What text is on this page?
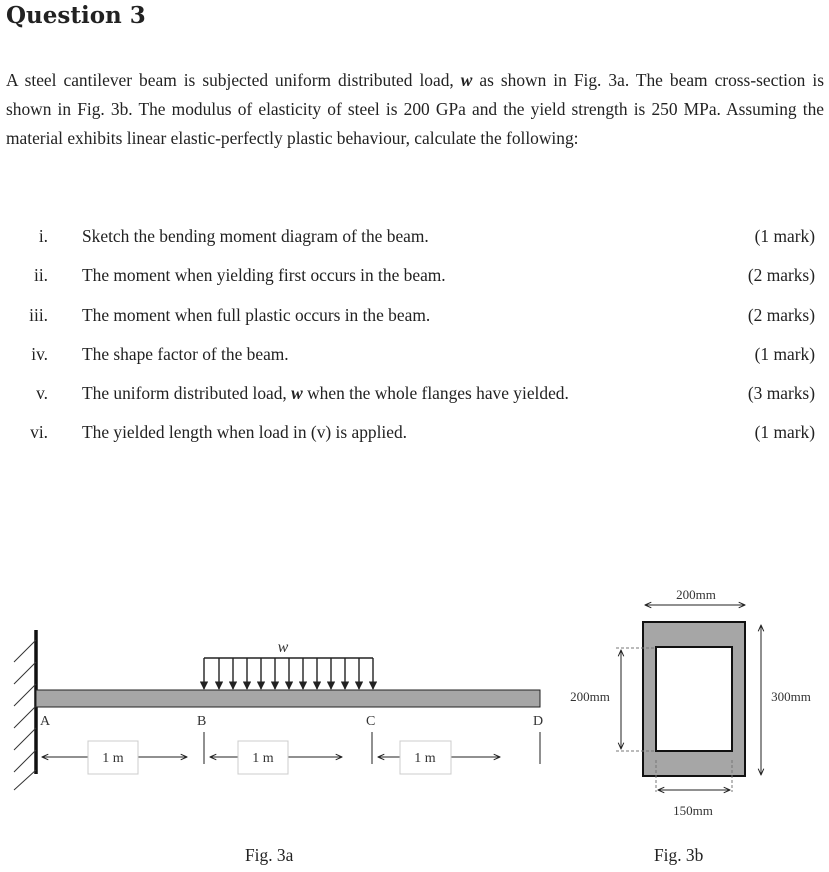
Question 3
A steel cantilever beam is subjected uniform distributed load, w as shown in Fig. 3a. The beam cross-section is shown in Fig. 3b. The modulus of elasticity of steel is 200 GPa and the yield strength is 250 MPa. Assuming the material exhibits linear elastic-perfectly plastic behaviour, calculate the following:
i. Sketch the bending moment diagram of the beam.	(1 mark)
ii. The moment when yielding first occurs in the beam.	(2 marks)
iii. The moment when full plastic occurs in the beam.	(2 marks)
iv. The shape factor of the beam.	(1 mark)
v. The uniform distributed load, w when the whole flanges have yielded.	(3 marks)
vi. The yielded length when load in (v) is applied.	(1 mark)
w
A	B	C	D
1 m	1 m	1 m
200mm
200mm	300mm
150mm
Fig. 3a	Fig. 3b
